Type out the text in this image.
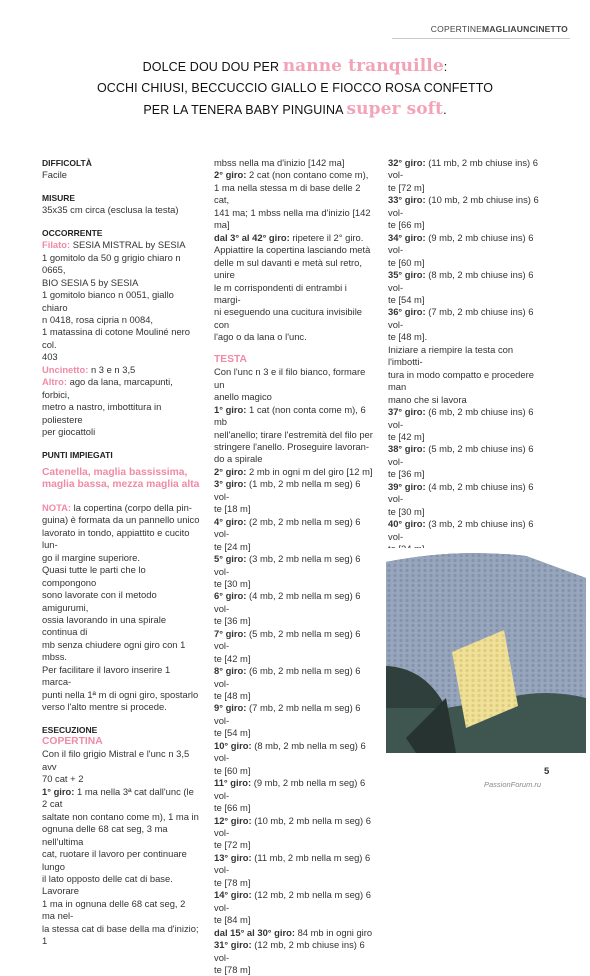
COPERTINEMAGLIAUNCINETTO
DOLCE DOU DOU PER nanne tranquille:
OCCHI CHIUSI, BECCUCCIO GIALLO E FIOCCO ROSA CONFETTO
PER LA TENERA BABY PINGUINA super soft.

DIFFICOLTÀ

Facile

MISURE

35x35 cm circa (esclusa la testa)

OCCORRENTE

Filato: SESIA MISTRAL by SESIA

1 gomitolo da 50 g grigio chiaro n 0665,

BIO SESIA 5 by SESIA

1 gomitolo bianco n 0051, giallo chiaro

n 0418, rosa cipria n 0084,

1 matassina di cotone Mouliné nero col.

403

Uncinetto: n 3 e n 3,5

Altro: ago da lana, marcapunti, forbici,

metro a nastro, imbottitura in poliestere

per giocattoli

PUNTI IMPIEGATI

Catenella, maglia bassissima,

maglia bassa, mezza maglia alta

NOTA: la copertina (corpo della pin-

guina) è formata da un pannello unico

lavorato in tondo, appiattito e cucito lun-

go il margine superiore.

Quasi tutte le parti che lo compongono

sono lavorate con il metodo amigurumi,

ossia lavorando in una spirale continua di

mb senza chiudere ogni giro con 1 mbss.

Per facilitare il lavoro inserire 1 marca-

punti nella 1ª m di ogni giro, spostarlo

verso l'alto mentre si procede.

ESECUZIONE

COPERTINA

Con il filo grigio Mistral e l'unc n 3,5 avv

70 cat + 2

1° giro: 1 ma nella 3ª cat dall'unc (le 2 cat

saltate non contano come m), 1 ma in

ognuna delle 68 cat seg, 3 ma nell'ultima

cat, ruotare il lavoro per continuare lungo

il lato opposto delle cat di base. Lavorare

1 ma in ognuna delle 68 cat seg, 2 ma nel-

la stessa cat di base della ma d'inizio; 1

mbss nella ma d'inizio [142 ma]

2° giro: 2 cat (non contano come m),

1 ma nella stessa m di base delle 2 cat,

141 ma; 1 mbss nella ma d'inizio [142 ma]

dal 3° al 42° giro: ripetere il 2° giro.

Appiattire la copertina lasciando metà

delle m sul davanti e metà sul retro, unire

le m corrispondenti di entrambi i margi-

ni eseguendo una cucitura invisibile con

l'ago o da lana o l'unc.

TESTA

Con l'unc n 3 e il filo bianco, formare un

anello magico

1° giro: 1 cat (non conta come m), 6 mb

nell'anello; tirare l'estremità del filo per

stringere l'anello. Proseguire lavoran-

do a spirale

2° giro: 2 mb in ogni m del giro [12 m]

3° giro: (1 mb, 2 mb nella m seg) 6 vol-

te [18 m]

4° giro: (2 mb, 2 mb nella m seg) 6 vol-

te [24 m]

5° giro: (3 mb, 2 mb nella m seg) 6 vol-

te [30 m]

6° giro: (4 mb, 2 mb nella m seg) 6 vol-

te [36 m]

7° giro: (5 mb, 2 mb nella m seg) 6 vol-

te [42 m]

8° giro: (6 mb, 2 mb nella m seg) 6 vol-

te [48 m]

9° giro: (7 mb, 2 mb nella m seg) 6 vol-

te [54 m]

10° giro: (8 mb, 2 mb nella m seg) 6 vol-

te [60 m]

11° giro: (9 mb, 2 mb nella m seg) 6 vol-

te [66 m]

12° giro: (10 mb, 2 mb nella m seg) 6 vol-

te [72 m]

13° giro: (11 mb, 2 mb nella m seg) 6 vol-

te [78 m]

14° giro: (12 mb, 2 mb nella m seg) 6 vol-

te [84 m]

dal 15° al 30° giro: 84 mb in ogni giro

31° giro: (12 mb, 2 mb chiuse ins) 6 vol-

te [78 m]

32° giro: (11 mb, 2 mb chiuse ins) 6 vol-

te [72 m]

33° giro: (10 mb, 2 mb chiuse ins) 6 vol-

te [66 m]

34° giro: (9 mb, 2 mb chiuse ins) 6 vol-

te [60 m]

35° giro: (8 mb, 2 mb chiuse ins) 6 vol-

te [54 m]

36° giro: (7 mb, 2 mb chiuse ins) 6 vol-

te [48 m].

Iniziare a riempire la testa con l'imbotti-

tura in modo compatto e procedere man

mano che si lavora

37° giro: (6 mb, 2 mb chiuse ins) 6 vol-

te [42 m]

38° giro: (5 mb, 2 mb chiuse ins) 6 vol-

te [36 m]

39° giro: (4 mb, 2 mb chiuse ins) 6 vol-

te [30 m]

40° giro: (3 mb, 2 mb chiuse ins) 6 vol-

5
PassionForum.ru
